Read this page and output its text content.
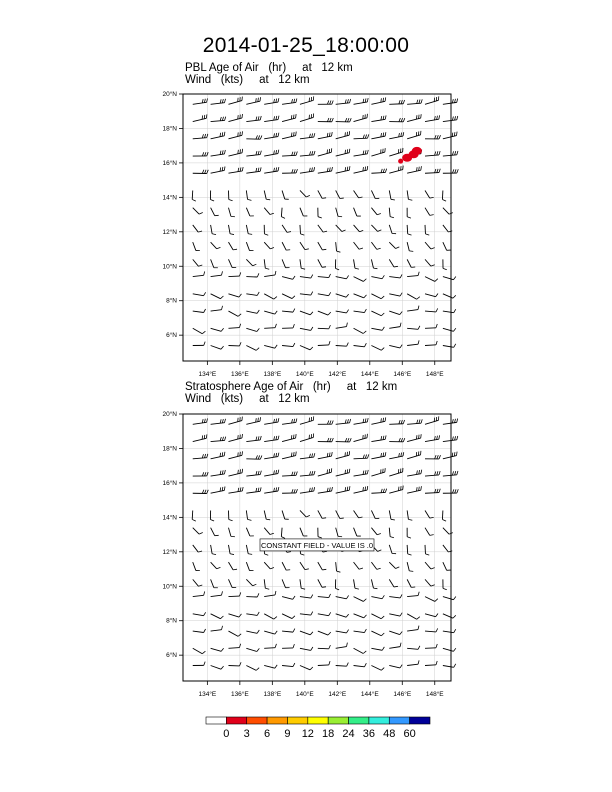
2014-01-25_18:00:00
PBL Age of Air   (hr)     at   12 km
Wind   (kts)     at   12 km
Stratosphere Age of Air   (hr)     at   12 km
Wind   (kts)     at   12 km
134°E 136°E 138°E 140°E 142°E 144°E 146°E 148°E
6°N
8°N
10°N
12°N
14°N
16°N
18°N
20°N
134°E 136°E 138°E 140°E 142°E 144°E 146°E 148°E
6°N
8°N
10°N
12°N
14°N
16°N
18°N
20°N
CONSTANT FIELD - VALUE IS .0
0 3 6 9 12 18 24 36 48 60
